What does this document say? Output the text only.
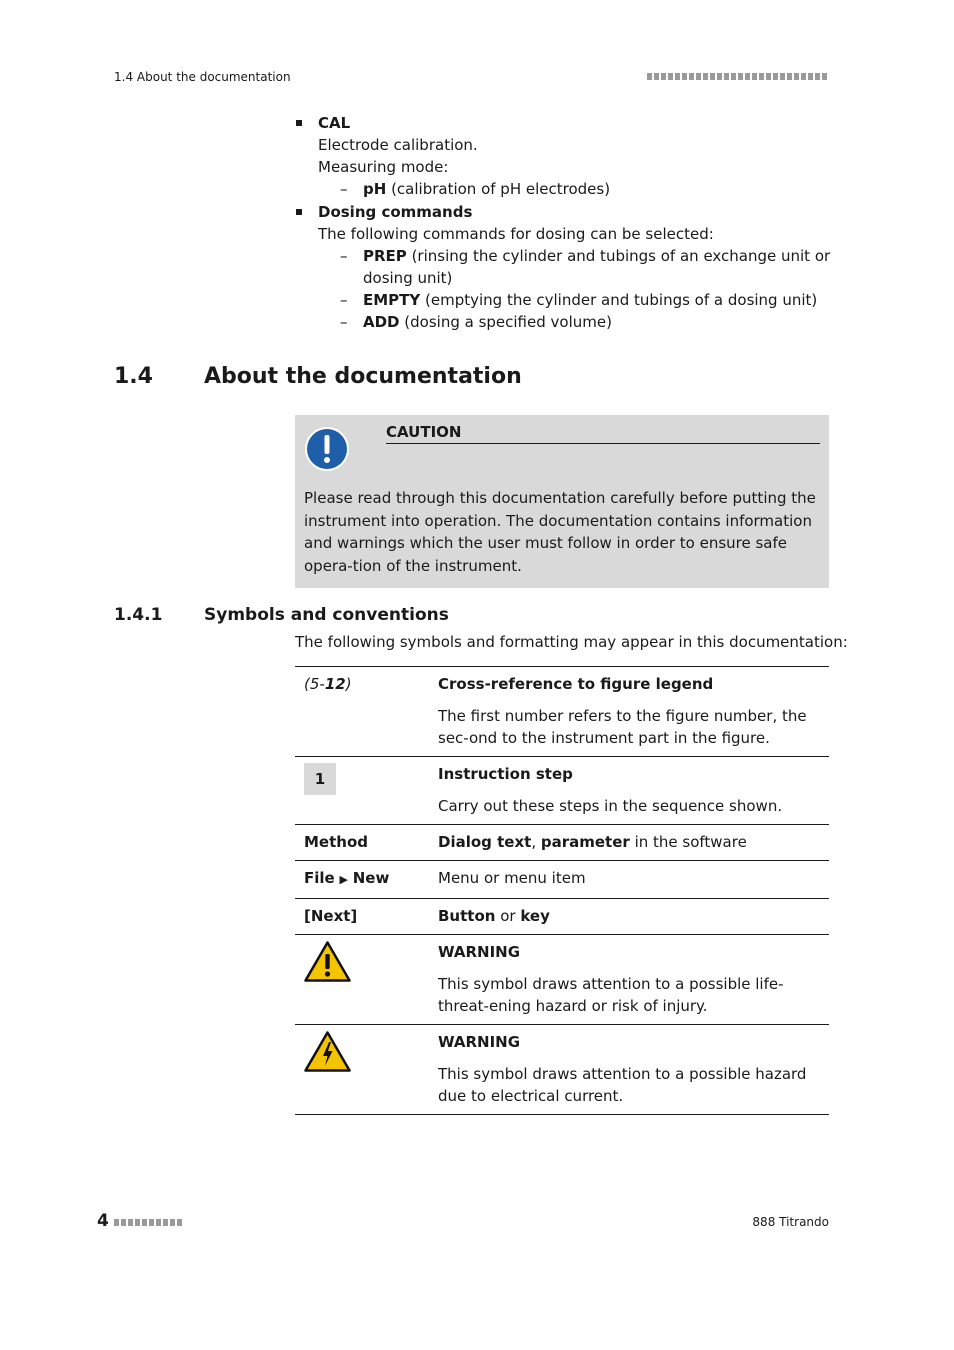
1.4 About the documentation
CAL
Electrode calibration.
Measuring mode:
– pH (calibration of pH electrodes)
Dosing commands
The following commands for dosing can be selected:
– PREP (rinsing the cylinder and tubings of an exchange unit or dosing unit)
– EMPTY (emptying the cylinder and tubings of a dosing unit)
– ADD (dosing a specified volume)
1.4 About the documentation
CAUTION
Please read through this documentation carefully before putting the instrument into operation. The documentation contains information and warnings which the user must follow in order to ensure safe opera-tion of the instrument.
1.4.1 Symbols and conventions
The following symbols and formatting may appear in this documentation:
(5-12)	Cross-reference to figure legend
The first number refers to the figure number, the sec-ond to the instrument part in the figure.

1	Instruction step
Carry out these steps in the sequence shown.

Method	Dialog text, parameter in the software
File ▶ New	Menu or menu item
[Next]	Button or key
	WARNING
This symbol draws attention to a possible life-threat-ening hazard or risk of injury.

	WARNING
This symbol draws attention to a possible hazard due to electrical current.
4	888 Titrando
